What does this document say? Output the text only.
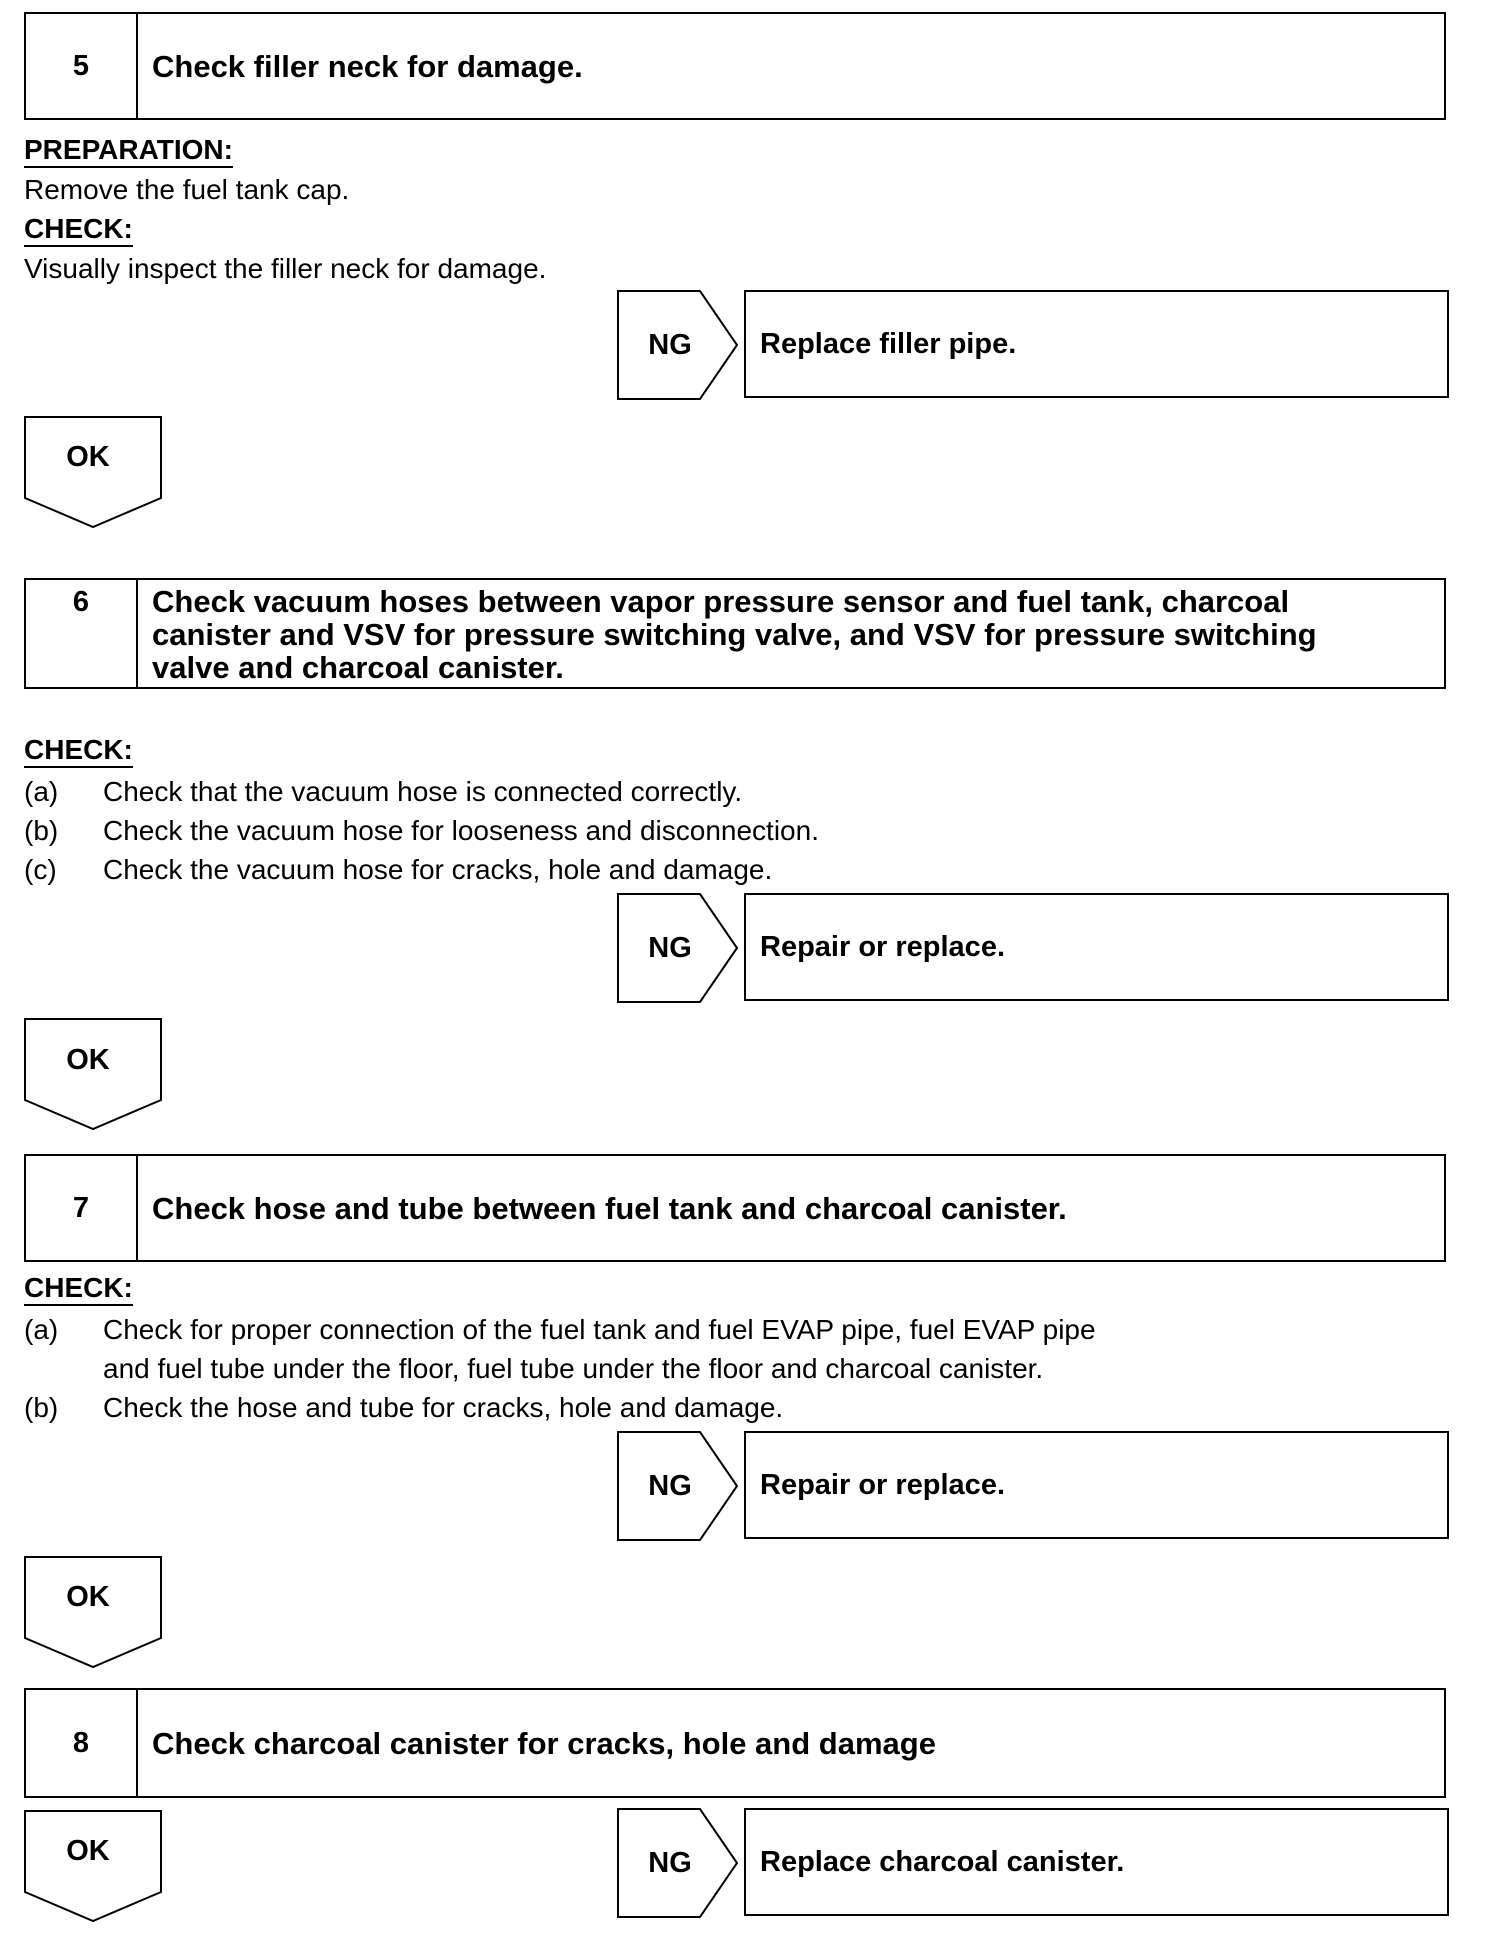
5	Check filler neck for damage.
PREPARATION:
Remove the fuel tank cap.
CHECK:
Visually inspect the filler neck for damage.
NG Replace filler pipe.
OK
6	Check vacuum hoses between vapor pressure sensor and fuel tank, charcoal
canister and VSV for pressure switching valve, and VSV for pressure switching
valve and charcoal canister.
CHECK:
(a) Check that the vacuum hose is connected correctly.
(b) Check the vacuum hose for looseness and disconnection.
(c) Check the vacuum hose for cracks, hole and damage.
NG Repair or replace.
OK
7	Check hose and tube between fuel tank and charcoal canister.
CHECK:
(a) Check for proper connection of the fuel tank and fuel EVAP pipe, fuel EVAP pipe
and fuel tube under the floor, fuel tube under the floor and charcoal canister.
(b) Check the hose and tube for cracks, hole and damage.
NG Repair or replace.
OK
8	Check charcoal canister for cracks, hole and damage
OK	NG Replace charcoal canister.
